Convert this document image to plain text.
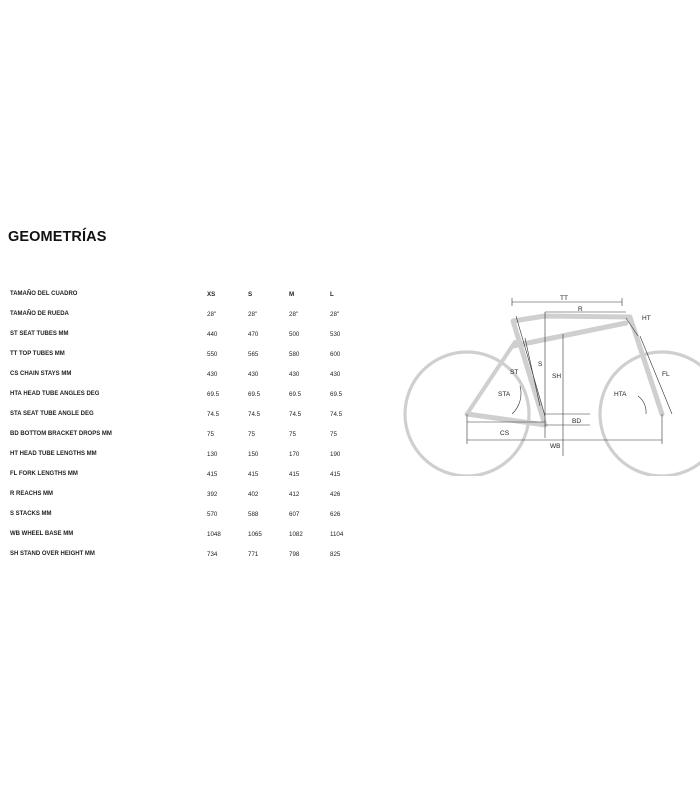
GEOMETRÍAS
TAMAÑO DEL CUADRO	XS	S	M	L
TAMAÑO DE RUEDA	28"	28"	28"	28"
ST SEAT TUBES MM	440	470	500	530
TT TOP TUBES MM	550	565	580	600
CS CHAIN STAYS MM	430	430	430	430
HTA HEAD TUBE ANGLES DEG	69.5	69.5	69.5	69.5
STA SEAT TUBE ANGLE DEG	74.5	74.5	74.5	74.5
BD BOTTOM BRACKET DROPS MM	75	75	75	75
HT HEAD TUBE LENGTHS MM	130	150	170	190
FL FORK LENGTHS MM	415	415	415	415
R REACHS MM	392	402	412	426
S STACKS MM	570	588	607	626
WB WHEEL BASE MM	1048	1065	1082	1104
SH STAND OVER HEIGHT MM	734	771	798	825
TT
R
HT
FL
HTA
ST
S
SH
STA
BD
CS
WB
